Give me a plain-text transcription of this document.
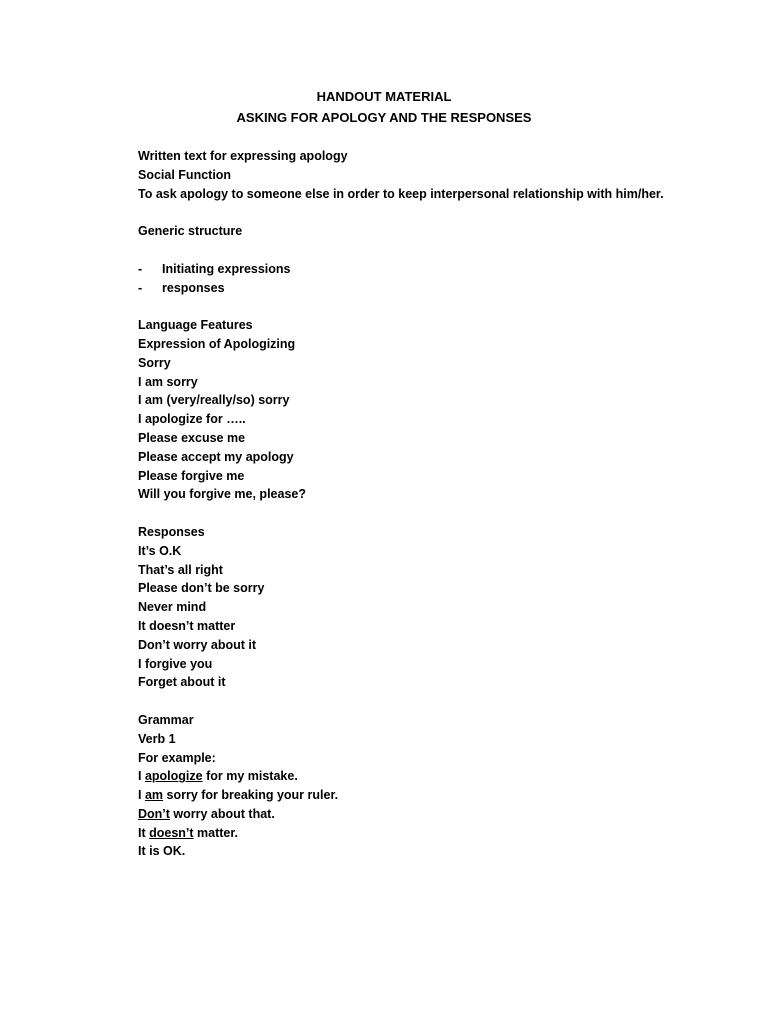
HANDOUT MATERIAL
ASKING FOR APOLOGY AND THE RESPONSES
Written text for expressing apology
Social Function
To ask apology to someone else in order to keep interpersonal relationship with him/her.
Generic structure
-	Initiating expressions
-	responses
Language Features
Expression of Apologizing
Sorry
I am sorry
I am (very/really/so) sorry
I apologize for …..
Please excuse me
Please accept my apology
Please forgive me
Will you forgive me, please?
Responses
It’s O.K
That’s all right
Please don’t be sorry
Never mind
It doesn’t matter
Don’t worry about it
I forgive you
Forget about it
Grammar
Verb 1
For example:
I apologize for my mistake.
I am sorry for breaking your ruler.
Don’t worry about that.
It doesn’t matter.
It is OK.
